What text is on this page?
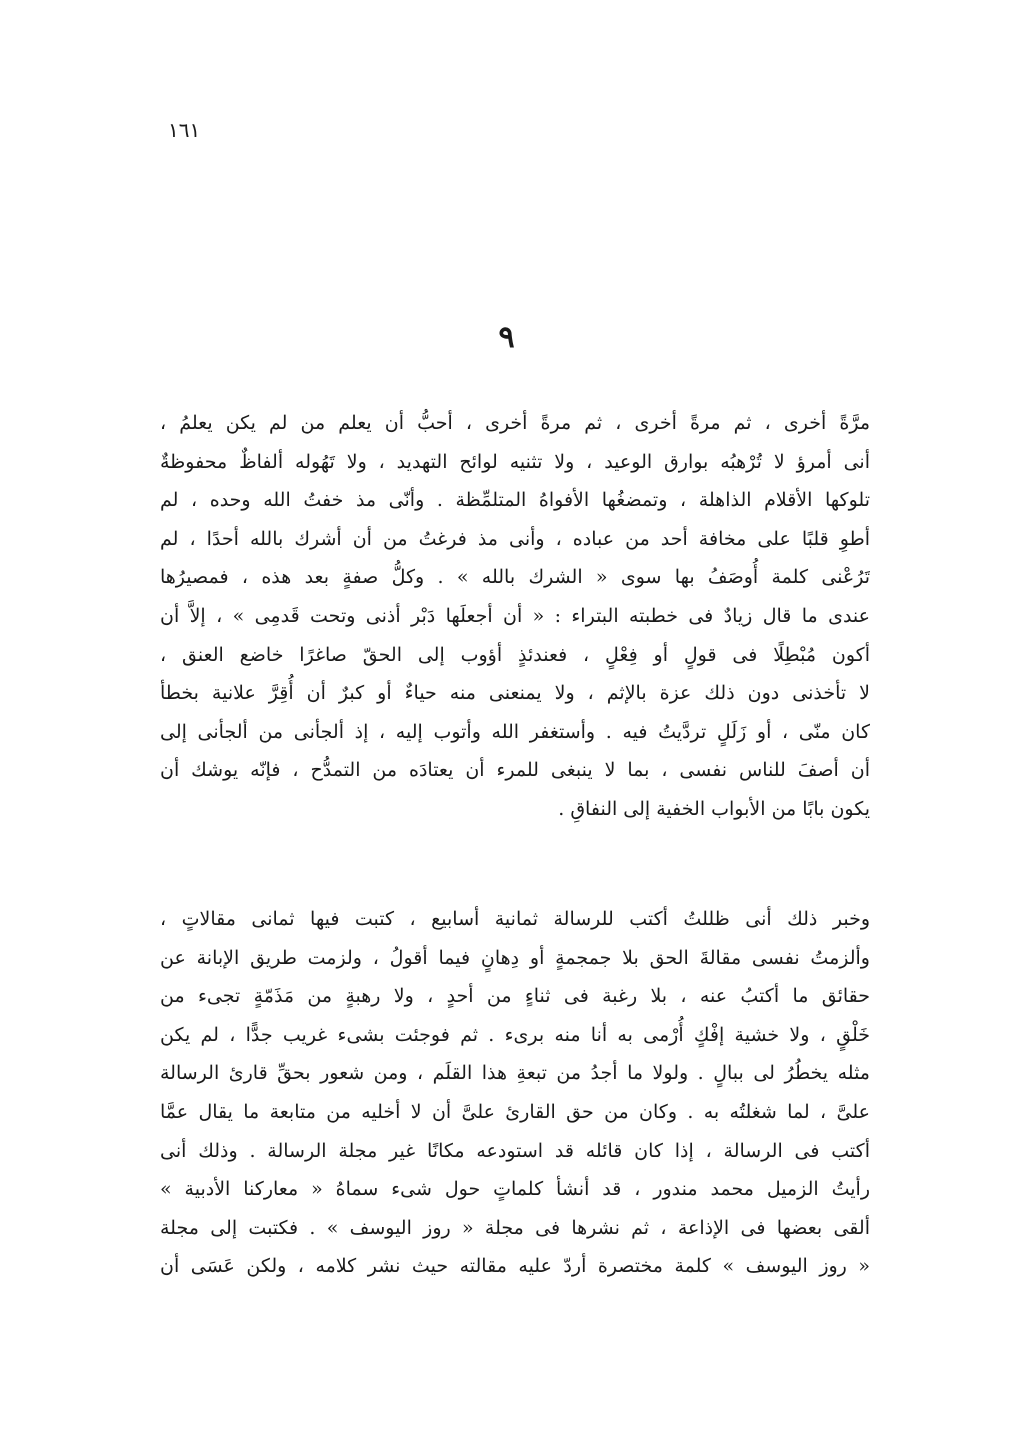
١٦١
٩
مرَّةً أخرى ، ثم مرةً أخرى ، ثم مرةً أخرى ، أحبُّ أن يعلم من لم يكن يعلمُ ،
أنى أمرؤ لا تُرْهبُه بوارق الوعيد ، ولا تثنيه لوائح التهديد ، ولا تَهُوله ألفاظٌ محفوظةٌ
تلوكها الأقلام الذاهلة ، وتمضغُها الأفواهُ المتلمِّظة . وأنّى مذ خفتُ الله وحده ، لم
أطوِ قلبًا على مخافة أحد من عباده ، وأنى مذ فرغتُ من أن أشرك بالله أحدًا ، لم
تَرُعْنى كلمة أُوصَفُ بها سوى « الشرك بالله » . وكلُّ صفةٍ بعد هذه ، فمصيرُها
عندى ما قال زيادٌ فى خطبته البتراء : « أن أجعلَها دَبْر أذنى وتحت قَدمِى » ، إلاَّ أن
أكون مُبْطِلًا فى قولٍ أو فِعْلٍ ، فعندئذٍ أؤوب إلى الحقّ صاغرًا خاضع العنق ،
لا تأخذنى دون ذلك عزة بالإثم ، ولا يمنعنى منه حياءٌ أو كبرٌ أن أُقِرَّ علانية بخطأ
كان منّى ، أو زَلَلٍ تردَّيتُ فيه . وأستغفر الله وأتوب إليه ، إذ ألجأنى من ألجأنى إلى
أن أصفَ للناس نفسى ، بما لا ينبغى للمرء أن يعتادَه من التمدُّح ، فإنّه يوشك أن
يكون بابًا من الأبواب الخفية إلى النفاقِ .
وخبر ذلك أنى ظللتُ أكتب للرسالة ثمانية أسابيع ، كتبت فيها ثمانى مقالاتٍ ،
وألزمتُ نفسى مقالةَ الحق بلا جمجمةٍ أو دِهانٍ فيما أقولُ ، ولزمت طريق الإبانة عن
حقائق ما أكتبُ عنه ، بلا رغبة فى ثناءٍ من أحدٍ ، ولا رهبةٍ من مَذَمّةٍ تجىء من
خَلْقٍ ، ولا خشية إفْكٍ أُرْمى به أنا منه برىء . ثم فوجئت بشىء غريب جدًّا ، لم يكن
مثله يخطُرُ لى ببالٍ . ولولا ما أجدُ من تبعةِ هذا القلَم ، ومن شعور بحقِّ قارئ الرسالة
علىَّ ، لما شغلتُه به . وكان من حق القارئ علىَّ أن لا أخليه من متابعة ما يقال عمَّا
أكتب فى الرسالة ، إذا كان قائله قد استودعه مكانًا غير مجلة الرسالة . وذلك أنى
رأيتُ الزميل محمد مندور ، قد أنشأ كلماتٍ حول شىء سماهُ « معاركنا الأدبية »
ألقى بعضها فى الإذاعة ، ثم نشرها فى مجلة « روز اليوسف » . فكتبت إلى مجلة
« روز اليوسف » كلمة مختصرة أردّ عليه مقالته حيث نشر كلامه ، ولكن عَسَى أن
